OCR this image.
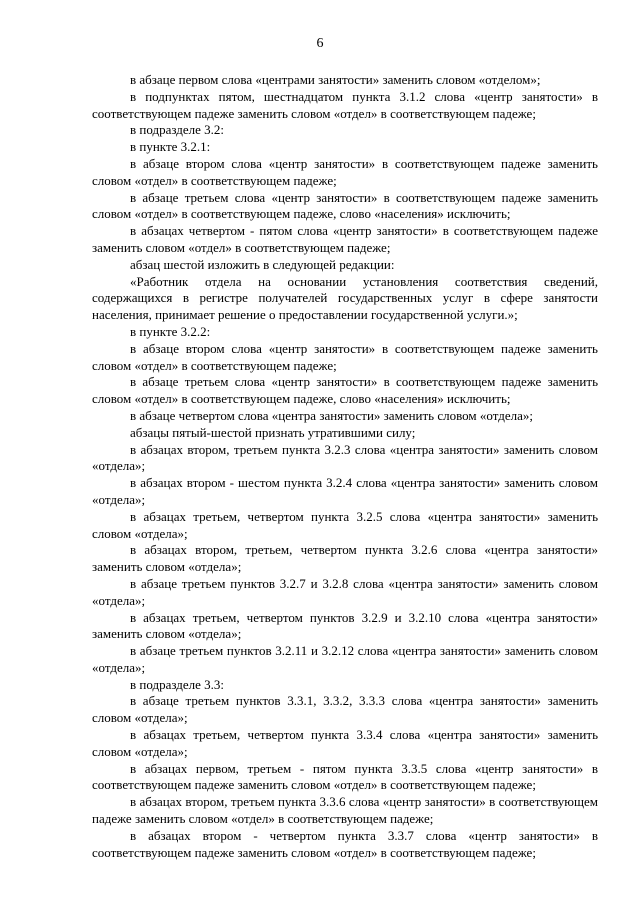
6

в абзаце первом слова «центрами занятости» заменить словом «отделом»;

в подпунктах пятом, шестнадцатом пункта 3.1.2 слова «центр занятости» в соответствующем падеже заменить словом «отдел» в соответствующем падеже;

в подразделе 3.2:

в пункте 3.2.1:

в абзаце втором слова «центр занятости» в соответствующем падеже заменить словом «отдел» в соответствующем падеже;

в абзаце третьем слова «центр занятости» в соответствующем падеже заменить словом «отдел» в соответствующем падеже, слово «населения» исключить;

в абзацах четвертом - пятом слова «центр занятости» в соответствующем падеже заменить словом «отдел» в соответствующем падеже;

абзац шестой изложить в следующей редакции:

«Работник отдела на основании установления соответствия сведений, содержащихся в регистре получателей государственных услуг в сфере занятости населения, принимает решение о предоставлении государственной услуги.»;

в пункте 3.2.2:

в абзаце втором слова «центр занятости» в соответствующем падеже заменить словом «отдел» в соответствующем падеже;

в абзаце третьем слова «центр занятости» в соответствующем падеже заменить словом «отдел» в соответствующем падеже, слово «населения» исключить;

в абзаце четвертом слова «центра занятости» заменить словом «отдела»;

абзацы пятый-шестой признать утратившими силу;

в абзацах втором, третьем пункта 3.2.3 слова «центра занятости» заменить словом «отдела»;

в абзацах втором - шестом пункта 3.2.4 слова «центра занятости» заменить словом «отдела»;

в абзацах третьем, четвертом пункта 3.2.5 слова «центра занятости» заменить словом «отдела»;

в абзацах втором, третьем, четвертом пункта 3.2.6 слова «центра занятости» заменить словом «отдела»;

в абзаце третьем пунктов 3.2.7 и 3.2.8 слова «центра занятости» заменить словом «отдела»;

в абзацах третьем, четвертом пунктов 3.2.9 и 3.2.10 слова «центра занятости» заменить словом «отдела»;

в абзаце третьем пунктов 3.2.11 и 3.2.12 слова «центра занятости» заменить словом «отдела»;

в подразделе 3.3:

в абзаце третьем пунктов 3.3.1, 3.3.2, 3.3.3 слова «центра занятости» заменить словом «отдела»;

в абзацах третьем, четвертом пункта 3.3.4 слова «центра занятости» заменить словом «отдела»;

в абзацах первом, третьем - пятом пункта 3.3.5 слова «центр занятости» в соответствующем падеже заменить словом «отдел» в соответствующем падеже;

в абзацах втором, третьем пункта 3.3.6 слова «центр занятости» в соответствующем падеже заменить словом «отдел» в соответствующем падеже;

в абзацах втором - четвертом пункта 3.3.7 слова «центр занятости» в соответствующем падеже заменить словом «отдел» в соответствующем падеже;
